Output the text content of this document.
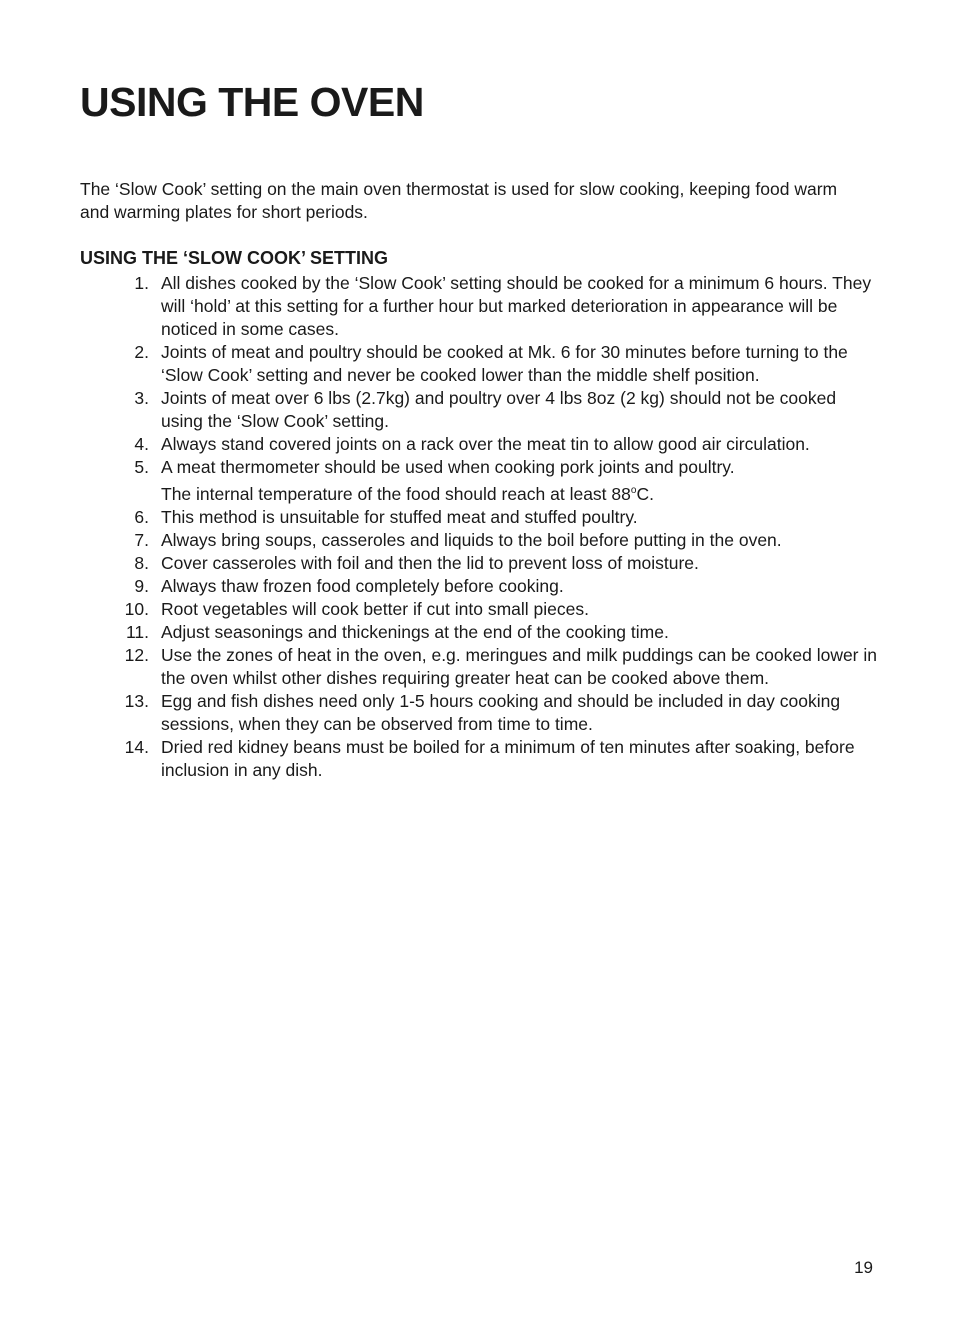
USING THE OVEN

The ‘Slow Cook’ setting on the main oven thermostat is used for slow cooking, keeping food warm and warming plates for short periods.

USING THE ‘SLOW COOK’ SETTING
1. All dishes cooked by the ‘Slow Cook’ setting should be cooked for a minimum 6 hours. They will ‘hold’ at this setting for a further hour but marked deterioration in appearance will be noticed in some cases.
2. Joints of meat and poultry should be cooked at Mk. 6 for 30 minutes before turning to the ‘Slow Cook’ setting and never be cooked lower than the middle shelf position.
3. Joints of meat over 6 lbs (2.7kg) and poultry over 4 lbs 8oz (2 kg) should not be cooked using the ‘Slow Cook’ setting.
4. Always stand covered joints on a rack over the meat tin to allow good air circulation.
5. A meat thermometer should be used when cooking pork joints and poultry.
The internal temperature of the food should reach at least 88$^o$C.
6. This method is unsuitable for stuffed meat and stuffed poultry.
7. Always bring soups, casseroles and liquids to the boil before putting in the oven.
8. Cover casseroles with foil and then the lid to prevent loss of moisture.
9. Always thaw frozen food completely before cooking.
10. Root vegetables will cook better if cut into small pieces.
11. Adjust seasonings and thickenings at the end of the cooking time.
12. Use the zones of heat in the oven, e.g. meringues and milk puddings can be cooked lower in the oven whilst other dishes requiring greater heat can be cooked above them.
13. Egg and fish dishes need only 1-5 hours cooking and should be included in day cooking sessions, when they can be observed from time to time.
14. Dried red kidney beans must be boiled for a minimum of ten minutes after soaking, before inclusion in any dish.
19
